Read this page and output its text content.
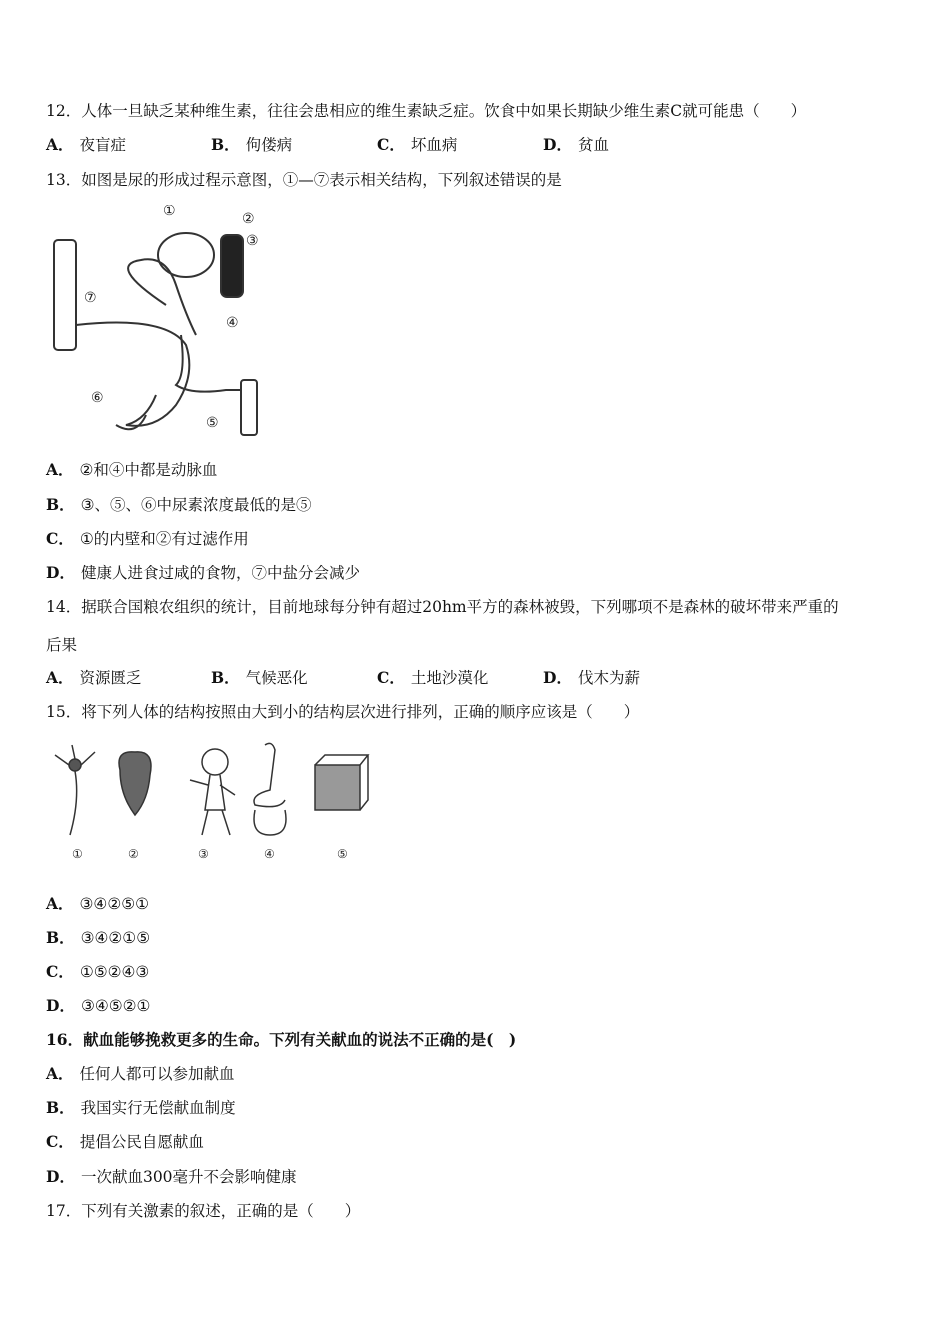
12．人体一旦缺乏某种维生素，往往会患相应的维生素缺乏症。饮食中如果长期缺少维生素C就可能患（　　）
A． 夜盲症	B． 佝偻病	C． 坏血病	D． 贫血
13．如图是尿的形成过程示意图，①—⑦表示相关结构，下列叙述错误的是
⑦
①	②
③
④
⑤
⑥
A． ②和④中都是动脉血
B． ③、⑤、⑥中尿素浓度最低的是⑤
C． ①的内壁和②有过滤作用
D． 健康人进食过咸的食物，⑦中盐分会减少
14．据联合国粮农组织的统计，目前地球每分钟有超过20hm平方的森林被毁，下列哪项不是森林的破坏带来严重的
后果
A． 资源匮乏	B． 气候恶化	C． 土地沙漠化	D． 伐木为薪
15．将下列人体的结构按照由大到小的结构层次进行排列，正确的顺序应该是（　　）
①	②	③	④	⑤
A． ③④②⑤①
B． ③④②①⑤
C． ①⑤②④③
D． ③④⑤②①
16．献血能够挽救更多的生命。下列有关献血的说法不正确的是(　)
A． 任何人都可以参加献血
B． 我国实行无偿献血制度
C． 提倡公民自愿献血
D． 一次献血300毫升不会影响健康
17．下列有关激素的叙述，正确的是（　　）
